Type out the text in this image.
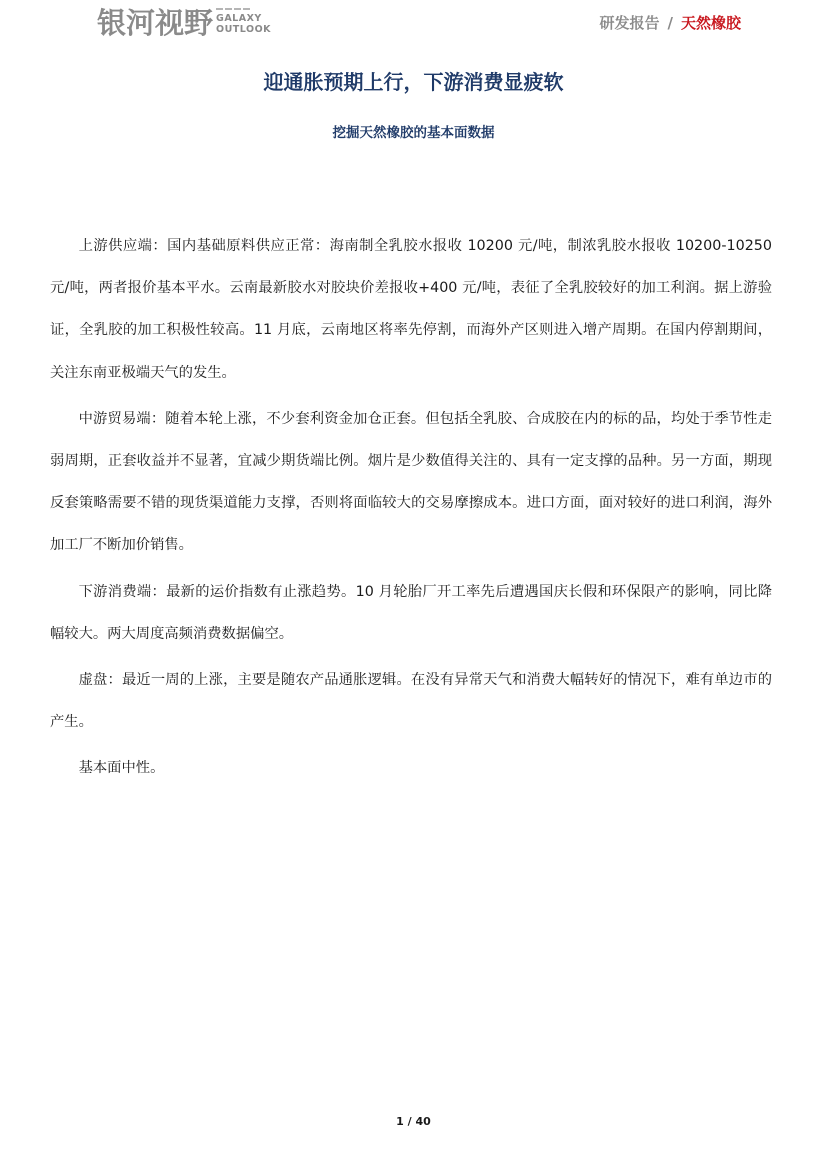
银河视野 GALAXY
OUTLOOK	研发报告 / 天然橡胶
迎通胀预期上行，下游消费显疲软
挖掘天然橡胶的基本面数据

上游供应端：国内基础原料供应正常：海南制全乳胶水报收 10200 元/吨，制浓乳胶水报收 10200-10250 元/吨，两者报价基本平水。云南最新胶水对胶块价差报收+400 元/吨，表征了全乳胶较好的加工利润。据上游验证，全乳胶的加工积极性较高。11 月底，云南地区将率先停割，而海外产区则进入增产周期。在国内停割期间，关注东南亚极端天气的发生。

中游贸易端：随着本轮上涨，不少套利资金加仓正套。但包括全乳胶、合成胶在内的标的品，均处于季节性走弱周期，正套收益并不显著，宜减少期货端比例。烟片是少数值得关注的、具有一定支撑的品种。另一方面，期现反套策略需要不错的现货渠道能力支撑，否则将面临较大的交易摩擦成本。进口方面，面对较好的进口利润，海外加工厂不断加价销售。

下游消费端：最新的运价指数有止涨趋势。10 月轮胎厂开工率先后遭遇国庆长假和环保限产的影响，同比降幅较大。两大周度高频消费数据偏空。

虚盘：最近一周的上涨，主要是随农产品通胀逻辑。在没有异常天气和消费大幅转好的情况下，难有单边市的产生。

基本面中性。

1 / 40
